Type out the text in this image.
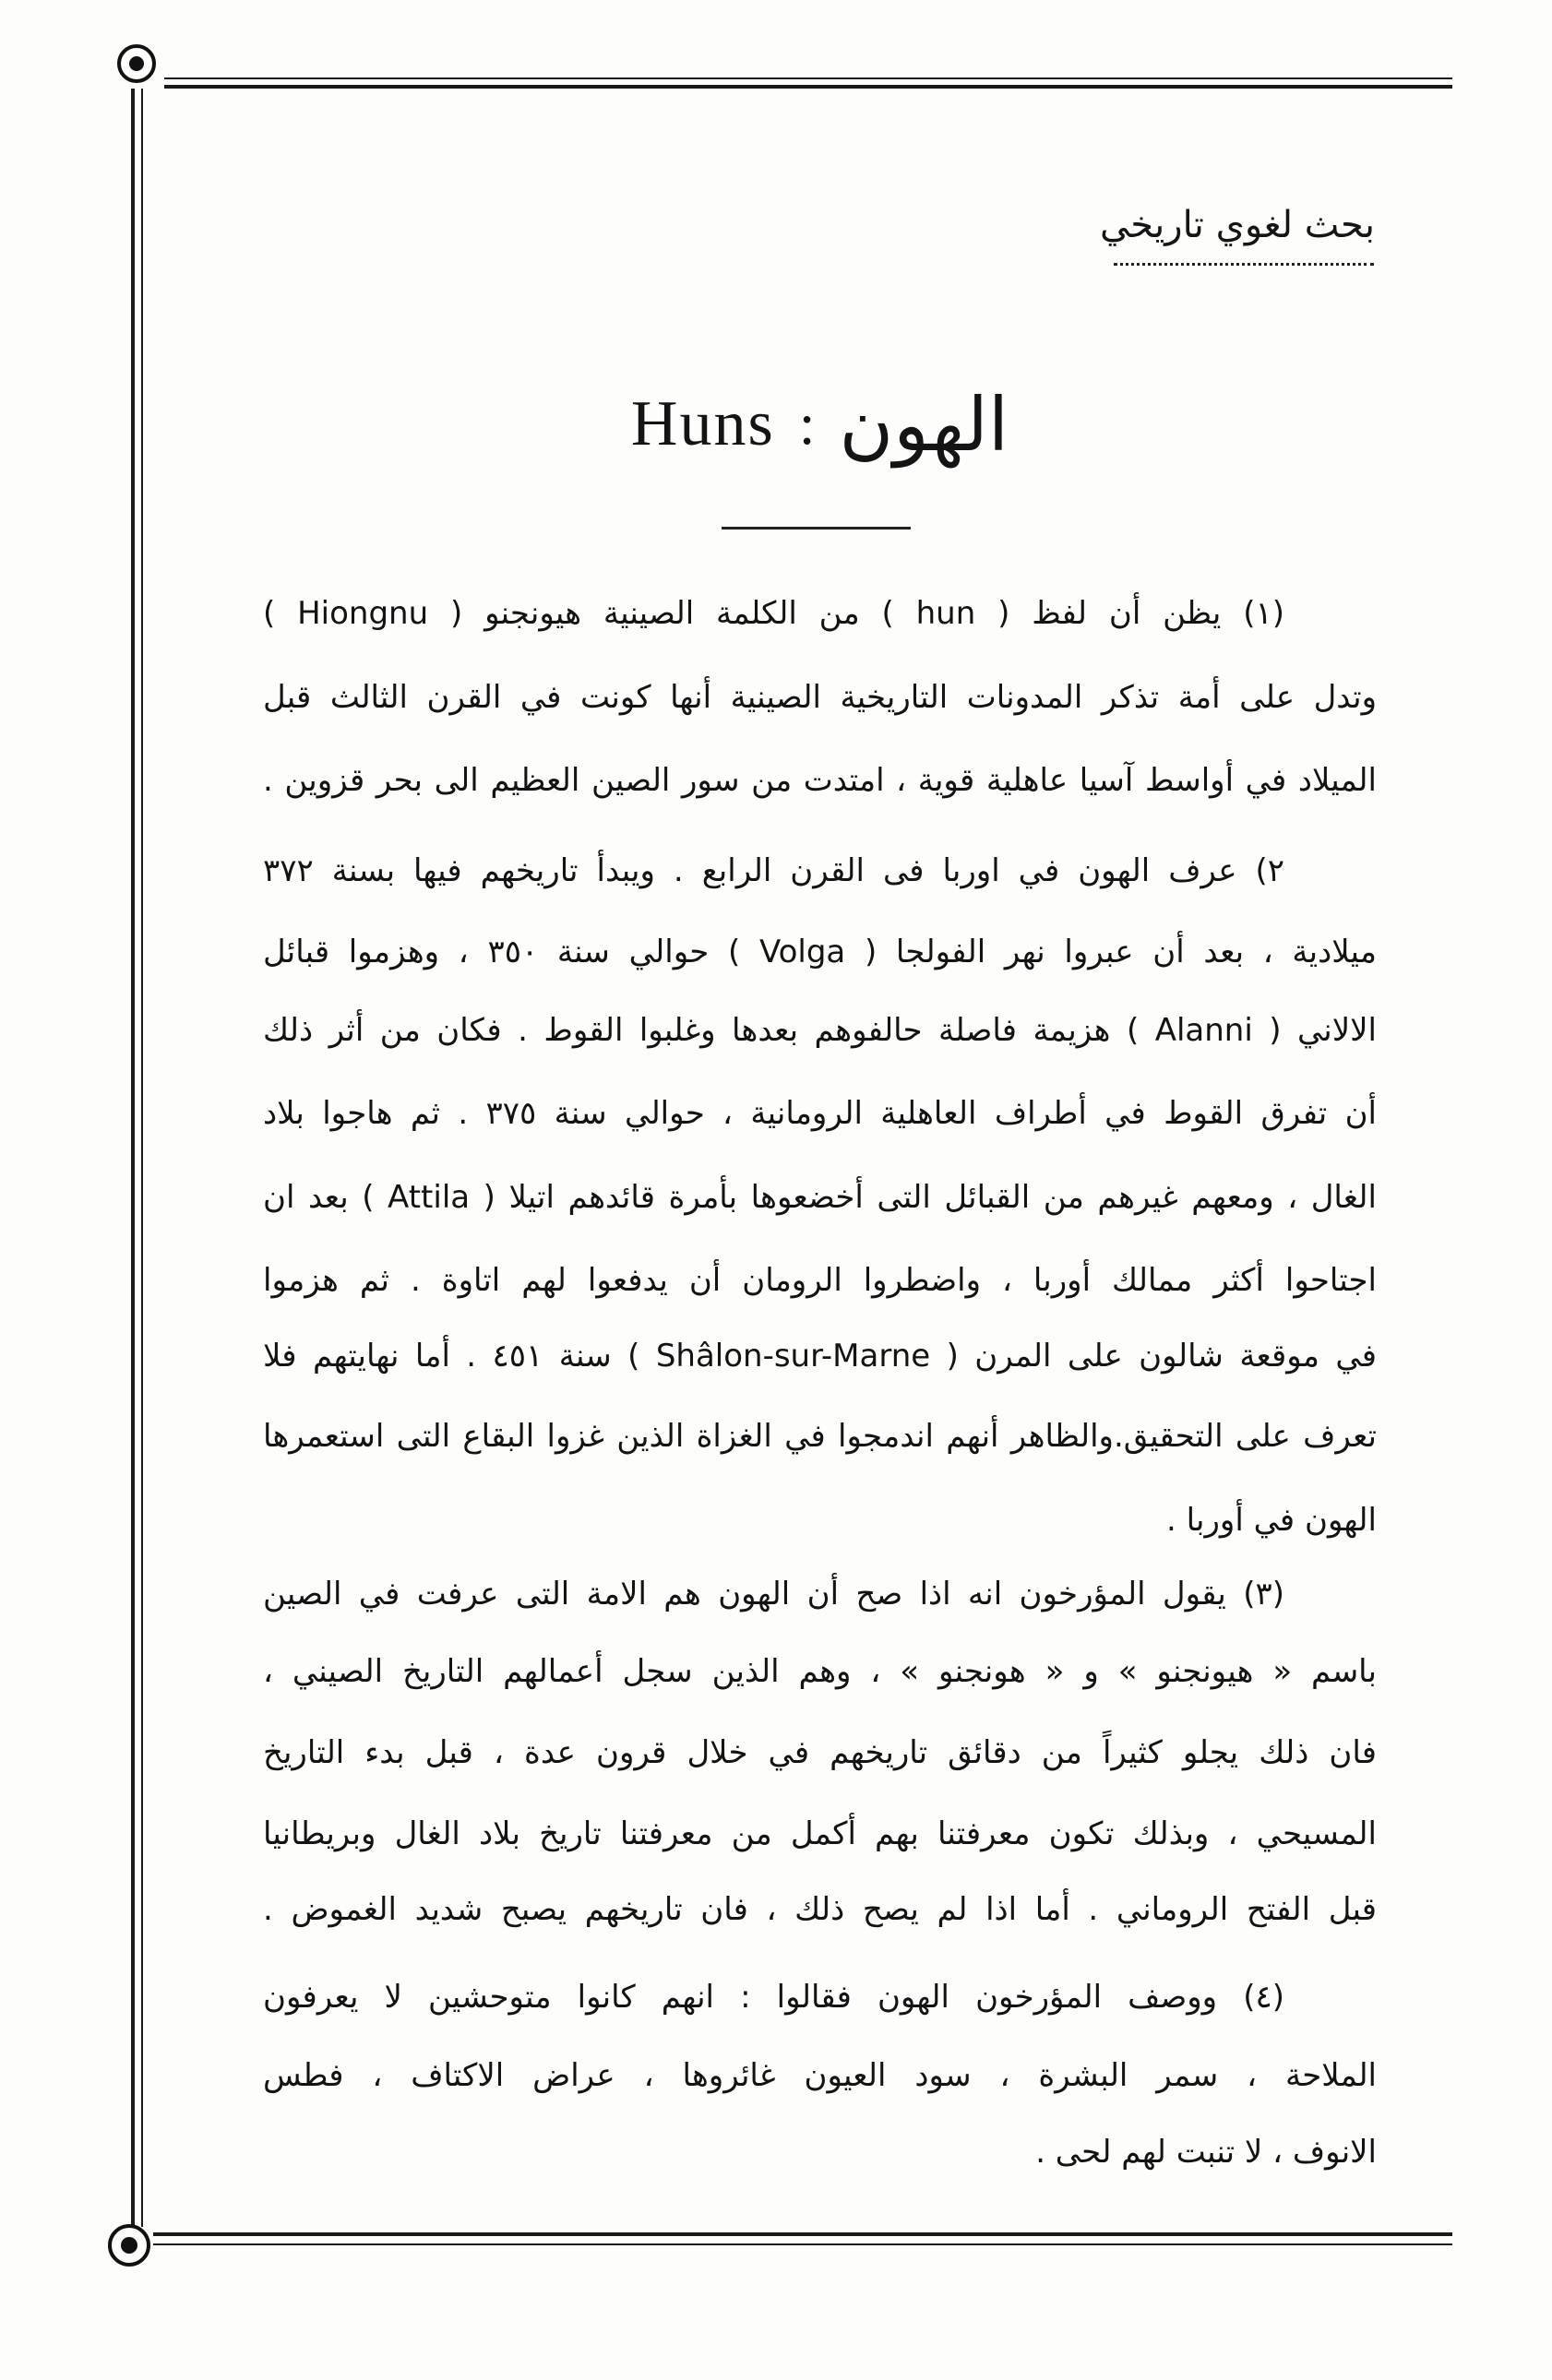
بحث لغوي تاريخي
Huns : الهون
(١) يظن أن لفظ ( hun ) من الكلمة الصينية هيونجنو ( Hiongnu )
وتدل على أمة تذكر المدونات التاريخية الصينية أنها كونت في القرن الثالث قبل
الميلاد في أواسط آسيا عاهلية قوية ، امتدت من سور الصين العظيم الى بحر قزوين .
٢) عرف الهون في اوربا فى القرن الرابع . ويبدأ تاريخهم فيها بسنة ٣٧٢
ميلادية ، بعد أن عبروا نهر الفولجا ( Volga ) حوالي سنة ٣٥٠ ، وهزموا قبائل
الالاني ( Alanni ) هزيمة فاصلة حالفوهم بعدها وغلبوا القوط . فكان من أثر ذلك
أن تفرق القوط في أطراف العاهلية الرومانية ، حوالي سنة ٣٧٥ . ثم هاجوا بلاد
الغال ، ومعهم غيرهم من القبائل التى أخضعوها بأمرة قائدهم اتيلا ( Attila ) بعد ان
اجتاحوا أكثر ممالك أوربا ، واضطروا الرومان أن يدفعوا لهم اتاوة . ثم هزموا
في موقعة شالون على المرن ( Shâlon-sur-Marne ) سنة ٤٥١ . أما نهايتهم فلا
تعرف على التحقيق.والظاهر أنهم اندمجوا في الغزاة الذين غزوا البقاع التى استعمرها
الهون في أوربا .
(٣) يقول المؤرخون انه اذا صح أن الهون هم الامة التى عرفت في الصين
باسم « هيونجنو » و « هونجنو » ، وهم الذين سجل أعمالهم التاريخ الصيني ،
فان ذلك يجلو كثيراً من دقائق تاريخهم في خلال قرون عدة ، قبل بدء التاريخ
المسيحي ، وبذلك تكون معرفتنا بهم أكمل من معرفتنا تاريخ بلاد الغال وبريطانيا
قبل الفتح الروماني . أما اذا لم يصح ذلك ، فان تاريخهم يصبح شديد الغموض .
(٤) ووصف المؤرخون الهون فقالوا : انهم كانوا متوحشين لا يعرفون
الملاحة ، سمر البشرة ، سود العيون غائروها ، عراض الاكتاف ، فطس
الانوف ، لا تنبت لهم لحى .
